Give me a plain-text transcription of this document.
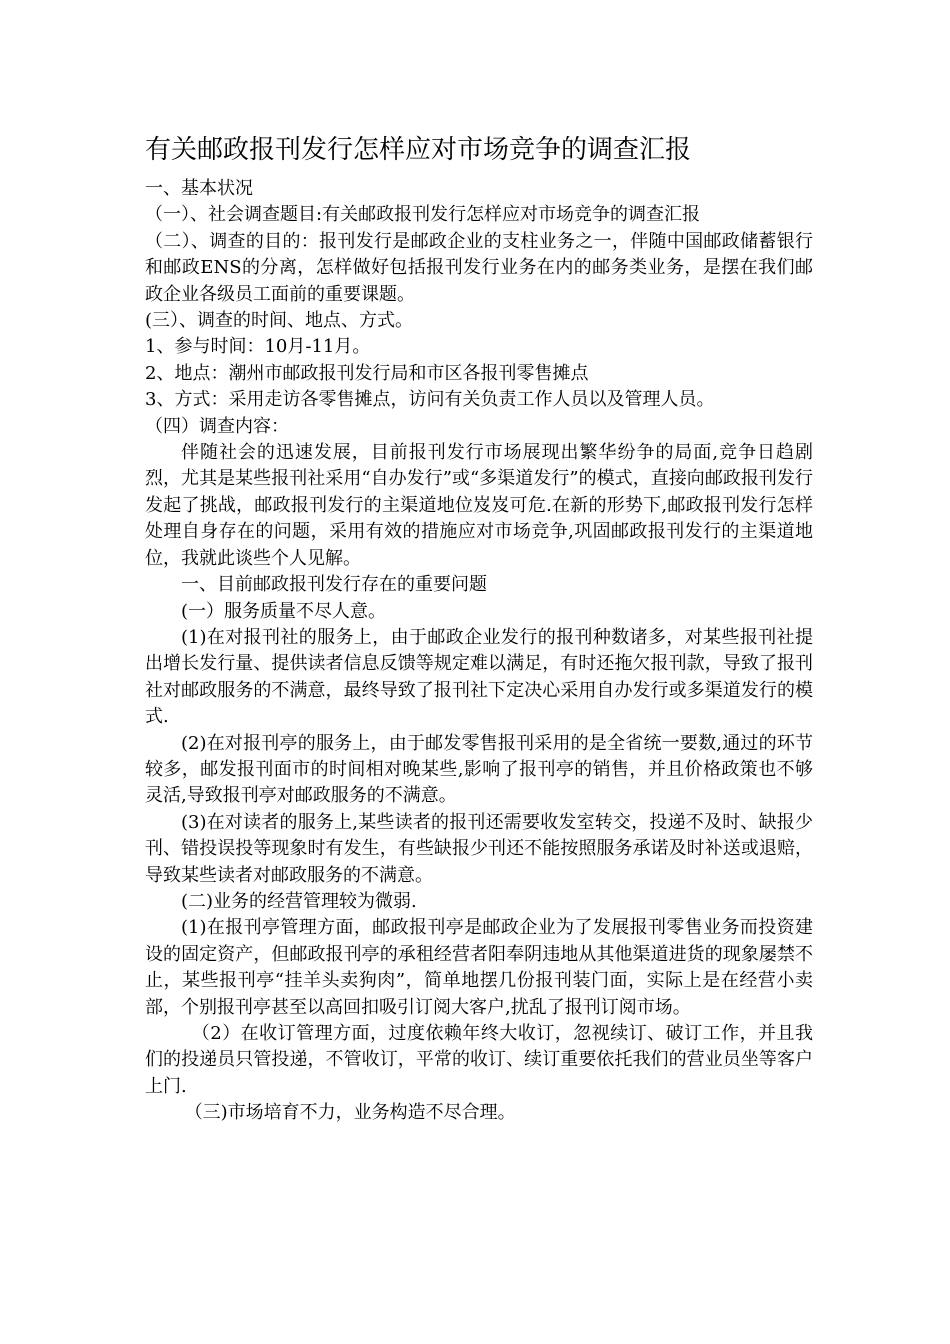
有关邮政报刊发行怎样应对市场竞争的调查汇报

一、基本状况

（一）、社会调查题目:有关邮政报刊发行怎样应对市场竞争的调查汇报

（二）、调查的目的：报刊发行是邮政企业的支柱业务之一，伴随中国邮政储蓄银行和邮政ENS的分离，怎样做好包括报刊发行业务在内的邮务类业务，是摆在我们邮政企业各级员工面前的重要课题。

(三）、调查的时间、地点、方式。

1、参与时间：10月-11月。

2、地点：潮州市邮政报刊发行局和市区各报刊零售摊点

3、方式：采用走访各零售摊点，访问有关负责工作人员以及管理人员。

（四）调查内容：

伴随社会的迅速发展，目前报刊发行市场展现出繁华纷争的局面,竞争日趋剧烈，尤其是某些报刊社采用“自办发行”或“多渠道发行”的模式，直接向邮政报刊发行发起了挑战，邮政报刊发行的主渠道地位岌岌可危.在新的形势下,邮政报刊发行怎样处理自身存在的问题，采用有效的措施应对市场竞争,巩固邮政报刊发行的主渠道地位，我就此谈些个人见解。

一、目前邮政报刊发行存在的重要问题

(一）服务质量不尽人意。

(1)在对报刊社的服务上，由于邮政企业发行的报刊种数诸多，对某些报刊社提出增长发行量、提供读者信息反馈等规定难以满足，有时还拖欠报刊款，导致了报刊社对邮政服务的不满意，最终导致了报刊社下定决心采用自办发行或多渠道发行的模式.

(2)在对报刊亭的服务上，由于邮发零售报刊采用的是全省统一要数,通过的环节较多，邮发报刊面市的时间相对晚某些,影响了报刊亭的销售，并且价格政策也不够灵活,导致报刊亭对邮政服务的不满意。

(3)在对读者的服务上,某些读者的报刊还需要收发室转交，投递不及时、缺报少刊、错投误投等现象时有发生，有些缺报少刊还不能按照服务承诺及时补送或退赔，导致某些读者对邮政服务的不满意。

(二)业务的经营管理较为微弱.

(1)在报刊亭管理方面，邮政报刊亭是邮政企业为了发展报刊零售业务而投资建设的固定资产，但邮政报刊亭的承租经营者阳奉阴违地从其他渠道进货的现象屡禁不止，某些报刊亭“挂羊头卖狗肉”，简单地摆几份报刊装门面，实际上是在经营小卖部，个别报刊亭甚至以高回扣吸引订阅大客户,扰乱了报刊订阅市场。

（2）在收订管理方面，过度依赖年终大收订，忽视续订、破订工作，并且我们的投递员只管投递，不管收订，平常的收订、续订重要依托我们的营业员坐等客户上门.

（三)市场培育不力，业务构造不尽合理。
